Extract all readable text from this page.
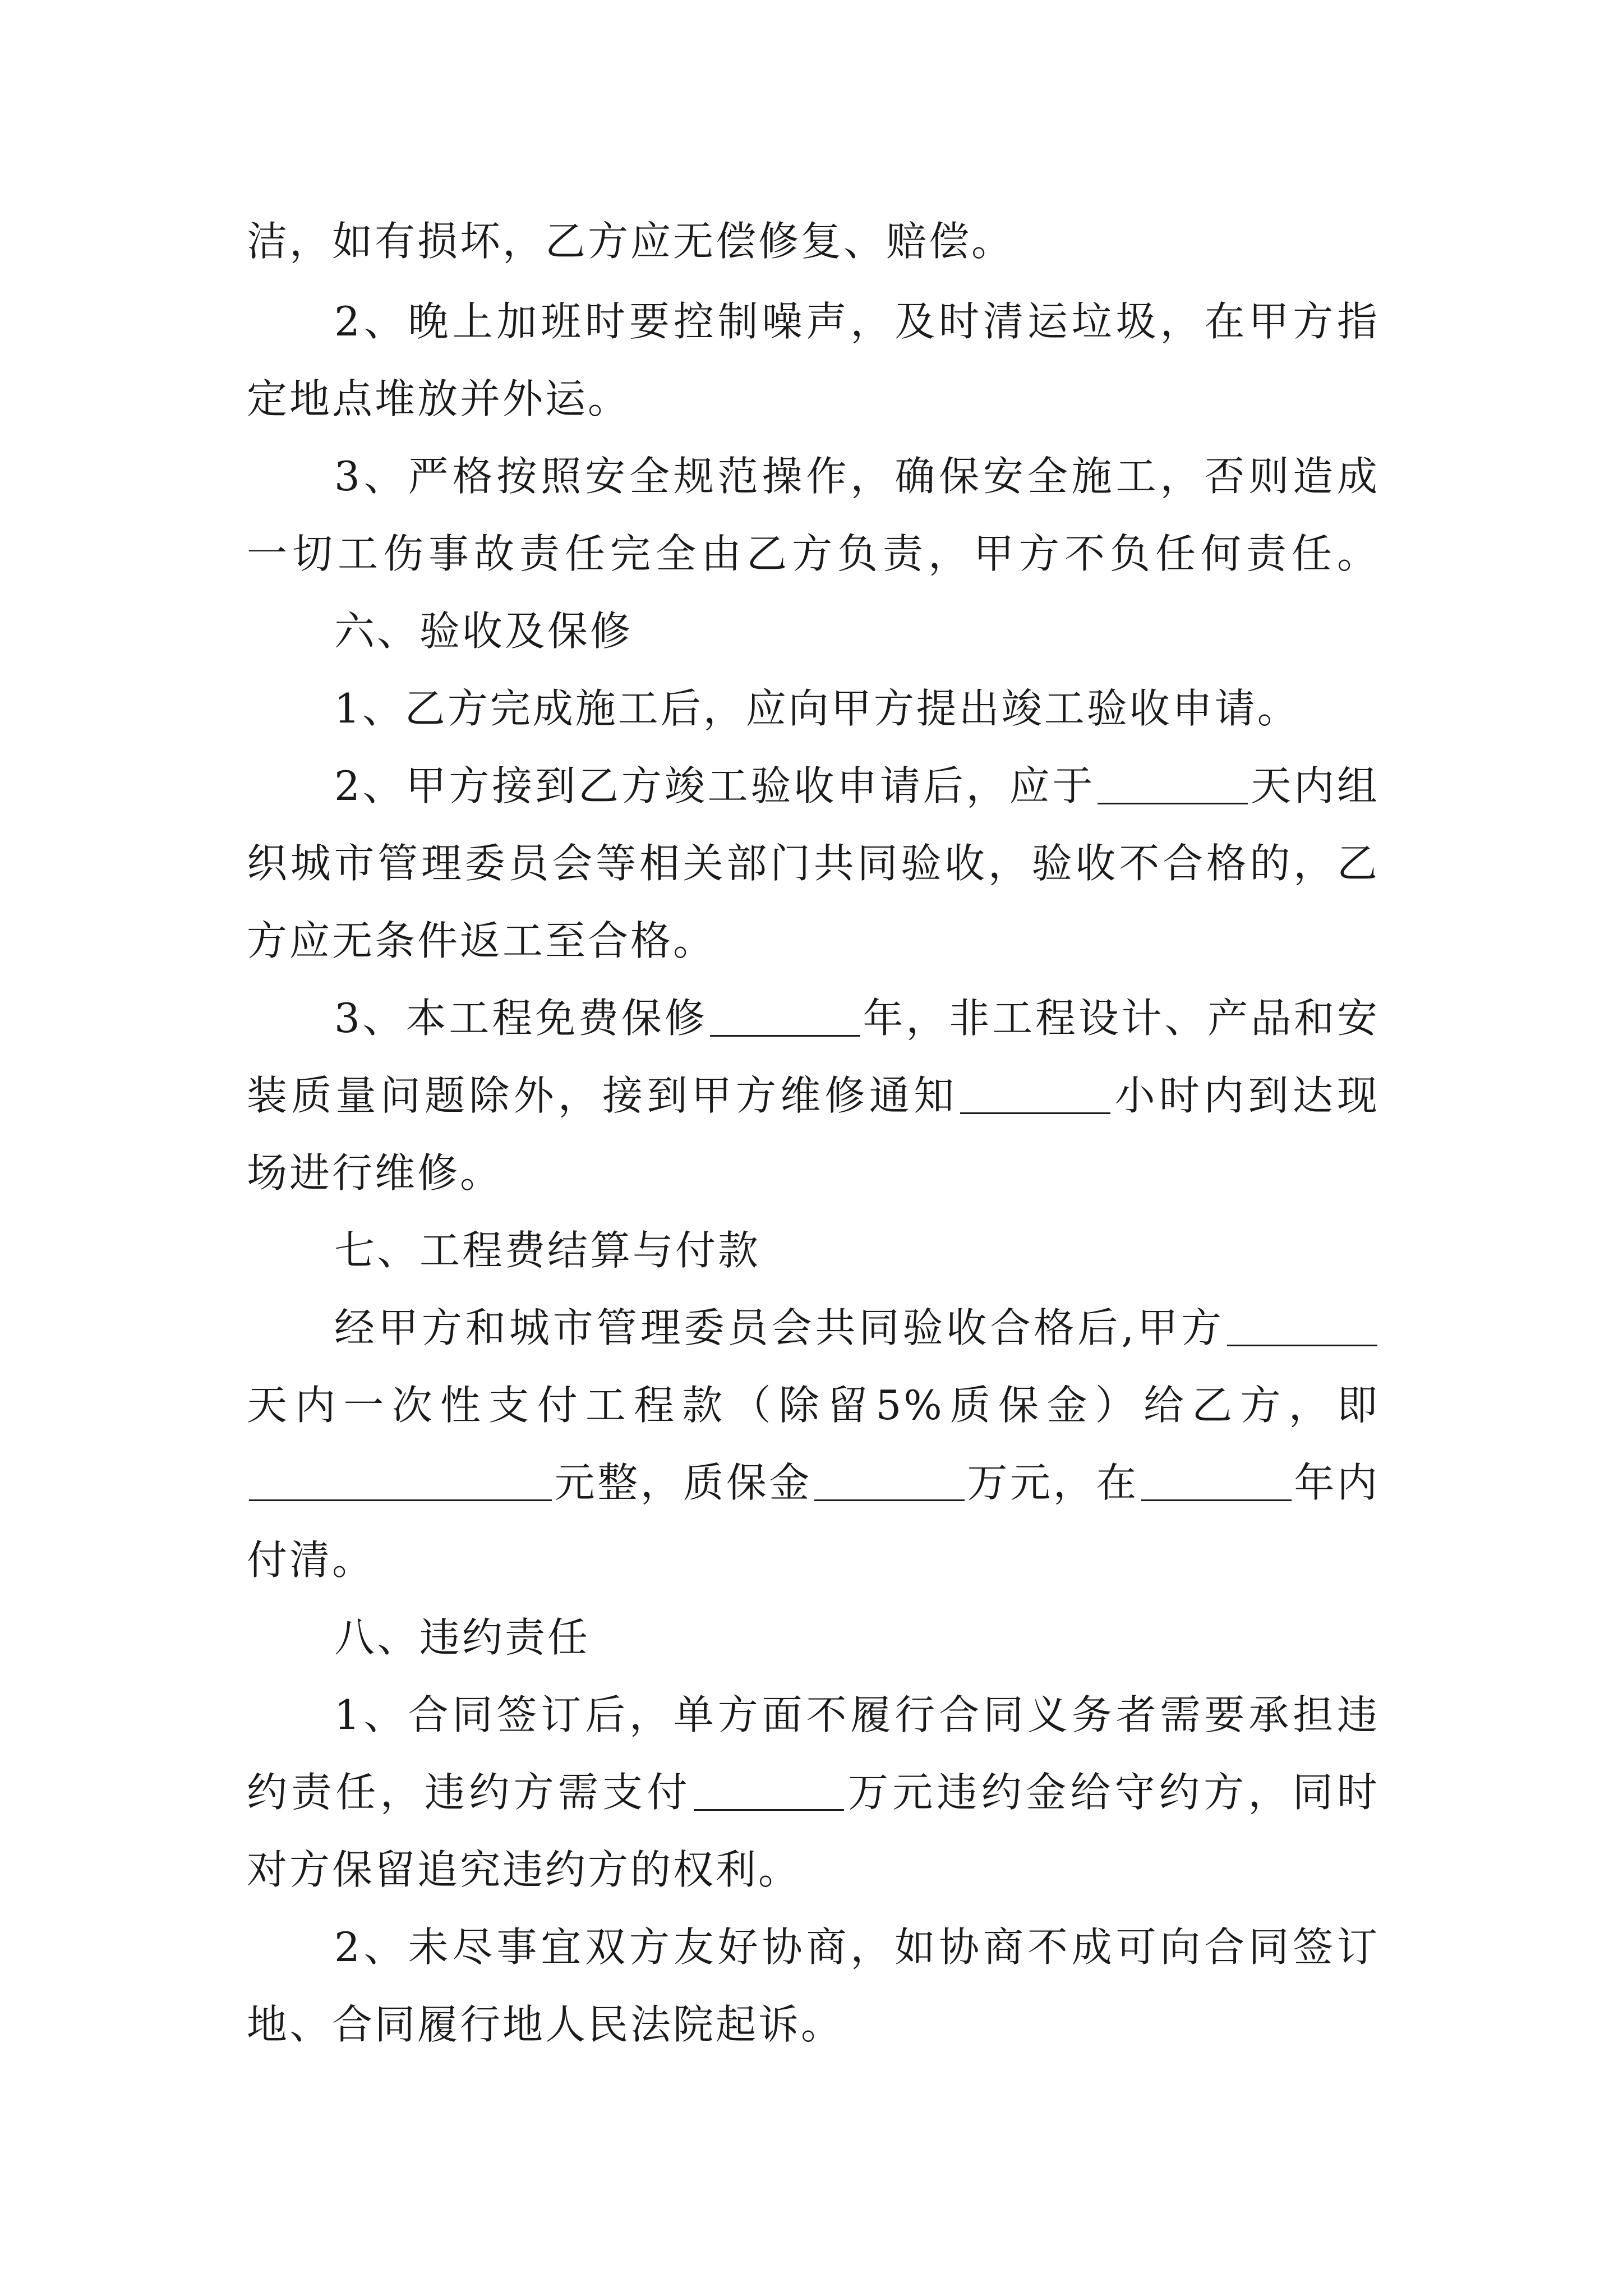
洁，如有损坏，乙方应无偿修复、赔偿。
2、晚上加班时要控制噪声，及时清运垃圾，在甲方指
定地点堆放并外运。
3、严格按照安全规范操作，确保安全施工，否则造成
一切工伤事故责任完全由乙方负责，甲方不负任何责任。
六、验收及保修
1、乙方完成施工后，应向甲方提出竣工验收申请。
2、甲方接到乙方竣工验收申请后，应于	天内组
织城市管理委员会等相关部门共同验收，验收不合格的，乙
方应无条件返工至合格。
3、本工程免费保修	年，非工程设计、产品和安
装质量问题除外，接到甲方维修通知	小时内到达现
场进行维修。
七、工程费结算与付款
经甲方和城市管理委员会共同验收合格后,甲方
天内一次性支付工程款（除留5%质保金）给乙方，即
元整，质保金	万元，在	年内
付清。
八、违约责任
1、合同签订后，单方面不履行合同义务者需要承担违
约责任，违约方需支付	万元违约金给守约方，同时
对方保留追究违约方的权利。
2、未尽事宜双方友好协商，如协商不成可向合同签订
地、合同履行地人民法院起诉。
